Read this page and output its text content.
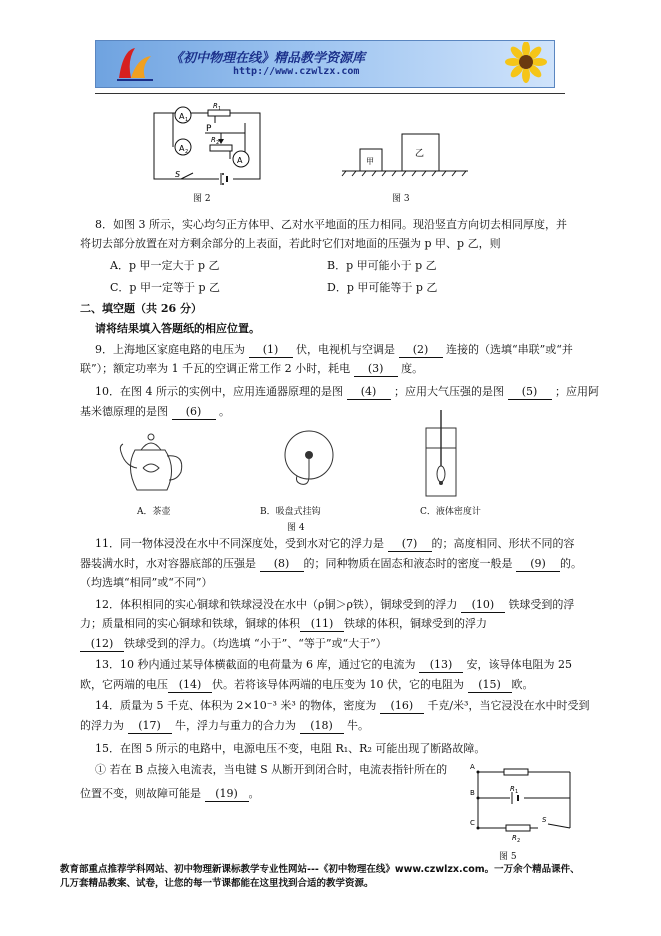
《初中物理在线》精品教学资源库
http://www.czwlzx.com
A 1
A 2
A
R 1
R 2
P
S
图 2
甲
乙
图 3
8．如图 3 所示，实心均匀正方体甲、乙对水平地面的压力相同。现沿竖直方向切去相同厚度，并
将切去部分放置在对方剩余部分的上表面，若此时它们对地面的压强为 p 甲、p 乙，则
A．p 甲一定大于 p 乙	B．p 甲可能小于 p 乙
C．p 甲一定等于 p 乙	D．p 甲可能等于 p 乙
二、填空题（共 26 分）
请将结果填入答题纸的相应位置。
9．上海地区家庭电路的电压为 (1) 伏，电视机与空调是 (2) 连接的（选填“串联”或“并
联”）；额定功率为 1 千瓦的空调正常工作 2 小时，耗电 (3) 度。
10．在图 4 所示的实例中，应用连通器原理的是图 (4) ；应用大气压强的是图 (5) ；应用阿
基米德原理的是图 (6) 。
A．茶壶	B．吸盘式挂钩	C．液体密度计
图 4
11．同一物体浸没在水中不同深度处，受到水对它的浮力是 (7) 的；高度相同、形状不同的容
器装满水时，水对容器底部的压强是 (8) 的；同种物质在固态和液态时的密度一般是 (9) 的。
（均选填“相同”或“不同”）
12．体积相同的实心铜球和铁球浸没在水中（ρ铜＞ρ铁），铜球受到的浮力 (10) 铁球受到的浮
力；质量相同的实心铜球和铁球，铜球的体积 (11) 铁球的体积，铜球受到的浮力
(12) 铁球受到的浮力。（均选填 “小于”、“等于”或“大于”）
13．10 秒内通过某导体横截面的电荷量为 6 库，通过它的电流为 (13) 安，该导体电阻为 25
欧，它两端的电压 (14) 伏。若将该导体两端的电压变为 10 伏，它的电阻为 (15) 欧。
14．质量为 5 千克、体积为 2×10⁻³ 米³ 的物体，密度为 (16) 千克/米³，当它浸没在水中时受到
的浮力为 (17) 牛，浮力与重力的合力为 (18) 牛。
15．在图 5 所示的电路中，电源电压不变，电阻 R₁、R₂ 可能出现了断路故障。
① 若在 B 点接入电流表，当电键 S 从断开到闭合时，电流表指针所在的
位置不变，则故障可能是 (19) 。
A
B
C
R 1
R 2
S
图 5
教育部重点推荐学科网站、初中物理新课标教学专业性网站---《初中物理在线》www.czwlzx.com。一万余个精品课件、
几万套精品教案、试卷，让您的每一节课都能在这里找到合适的教学资源。
